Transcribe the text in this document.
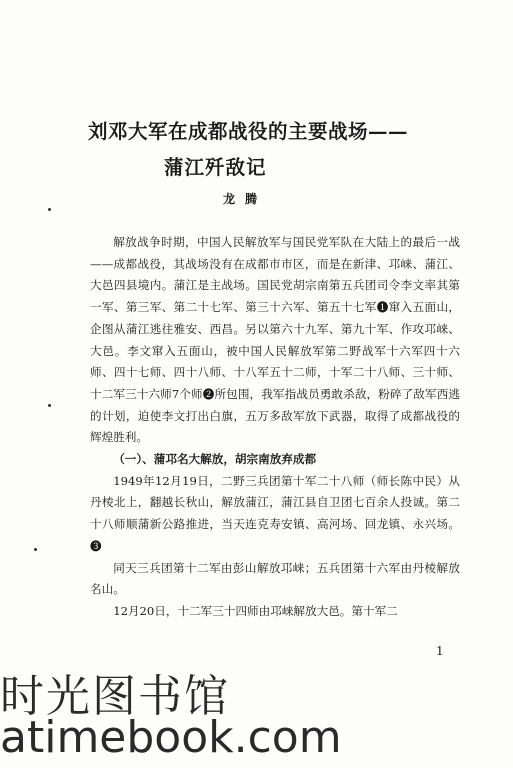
刘邓大军在成都战役的主要战场——
蒲江歼敌记
龙腾

解放战争时期，中国人民解放军与国民党军队在大陆上的最后一战——成都战役，其战场没有在成都市市区，而是在新津、邛崃、蒲江、大邑四县境内。蒲江是主战场。国民党胡宗南第五兵团司令李文率其第一军、第三军、第二十七军、第三十六军、第五十七军❶窜入五面山，企图从蒲江逃往雅安、西昌。另以第六十九军、第九十军、作攻邛崃、大邑。李文窜入五面山，被中国人民解放军第二野战军十六军四十六师、四十七师、四十八师、十八军五十二师，十军二十八师、三十师、十二军三十六师7个师❷所包围，我军指战员勇敢杀敌，粉碎了敌军西逃的计划，迫使李文打出白旗，五万多敌军放下武器，取得了成都战役的辉煌胜利。

（一）、蒲邛名大解放，胡宗南放弃成都

1949年12月19日，二野三兵团第十军二十八师（师长陈中民）从丹棱北上，翻越长秋山，解放蒲江，蒲江县自卫团七百余人投诚。第二十八师顺蒲新公路推进，当天连克寿安镇、高河场、回龙镇、永兴场。❸

同天三兵团第十二军由彭山解放邛崃；五兵团第十六军由丹棱解放名山。

12月20日，十二军三十四师由邛崃解放大邑。第十军二

1
时光图书馆
atimebook.com
